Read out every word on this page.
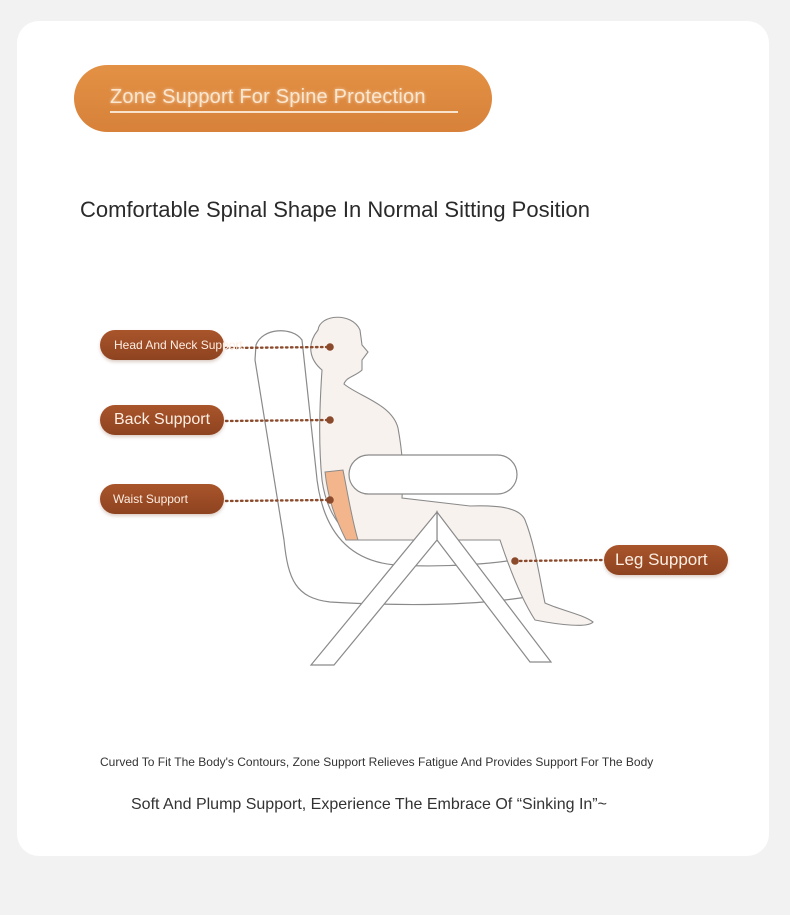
Zone Support For Spine Protection
Comfortable Spinal Shape In Normal Sitting Position
Head And Neck Support
Back Support
Waist Support
Leg Support
Curved To Fit The Body's Contours, Zone Support Relieves Fatigue And Provides Support For The Body
Soft And Plump Support, Experience The Embrace Of “Sinking In”~
